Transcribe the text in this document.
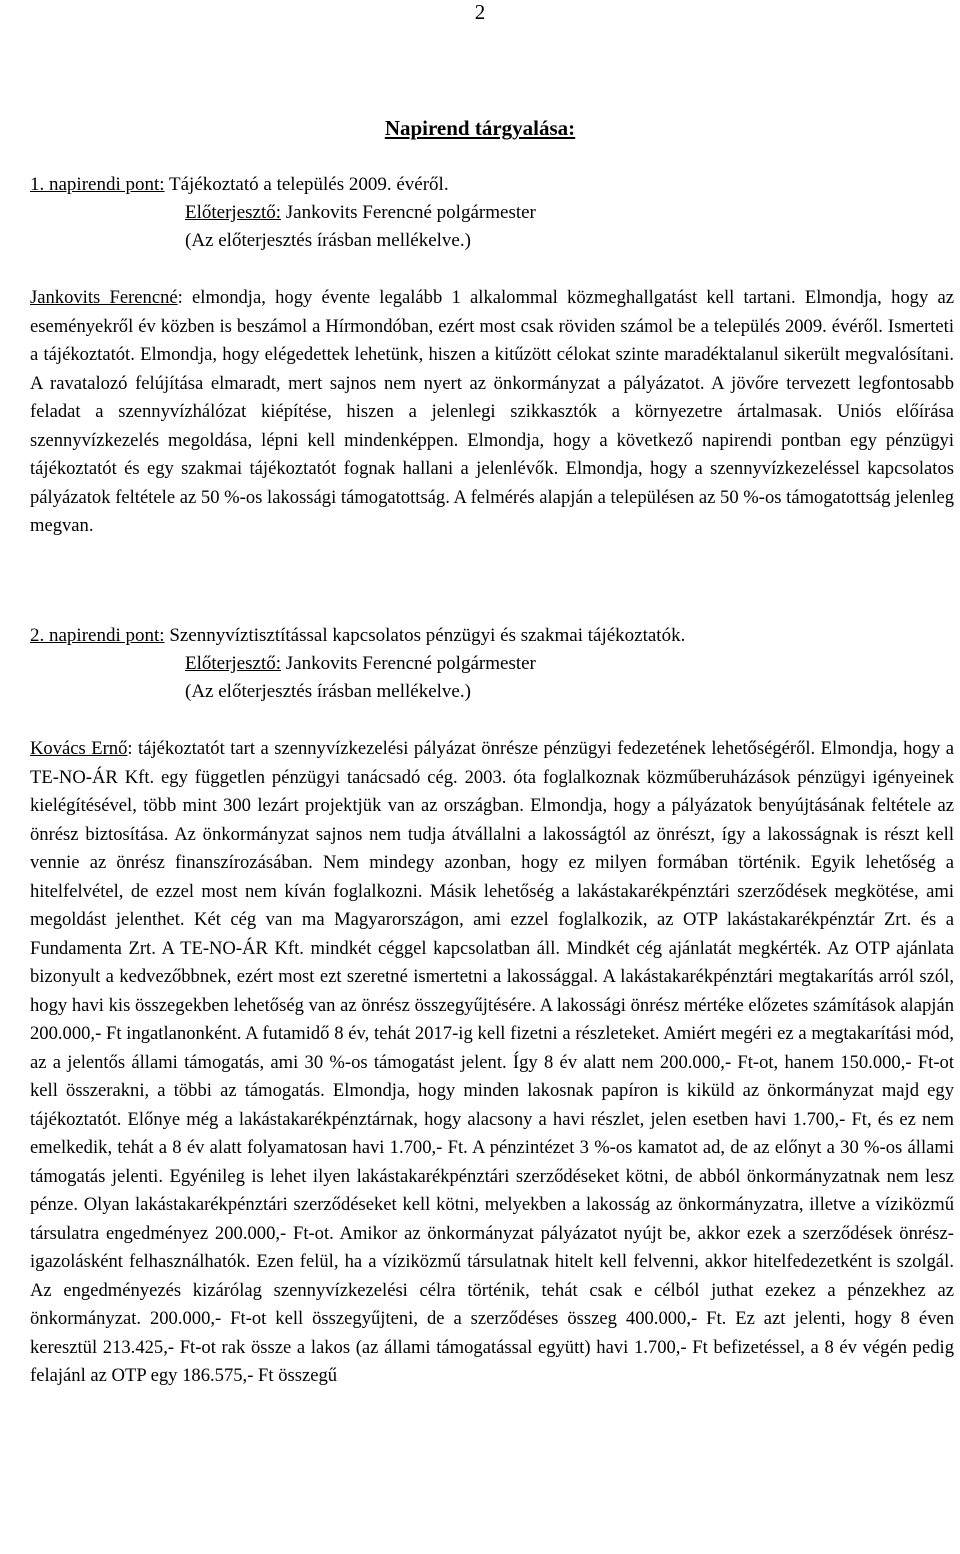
2
Napirend tárgyalása:
1. napirendi pont: Tájékoztató a település 2009. évéről.
Előterjesztő: Jankovits Ferencné polgármester
(Az előterjesztés írásban mellékelve.)
Jankovits Ferencné: elmondja, hogy évente legalább 1 alkalommal közmeghallgatást kell tartani. Elmondja, hogy az eseményekről év közben is beszámol a Hírmondóban, ezért most csak röviden számol be a település 2009. évéről. Ismerteti a tájékoztatót. Elmondja, hogy elégedettek lehetünk, hiszen a kitűzött célokat szinte maradéktalanul sikerült megvalósítani. A ravatalozó felújítása elmaradt, mert sajnos nem nyert az önkormányzat a pályázatot. A jövőre tervezett legfontosabb feladat a szennyvízhálózat kiépítése, hiszen a jelenlegi szikkasztók a környezetre ártalmasak. Uniós előírása szennyvízkezelés megoldása, lépni kell mindenképpen. Elmondja, hogy a következő napirendi pontban egy pénzügyi tájékoztatót és egy szakmai tájékoztatót fognak hallani a jelenlévők. Elmondja, hogy a szennyvízkezeléssel kapcsolatos pályázatok feltétele az 50 %-os lakossági támogatottság. A felmérés alapján a településen az 50 %-os támogatottság jelenleg megvan.
2. napirendi pont: Szennyvíztisztítással kapcsolatos pénzügyi és szakmai tájékoztatók.
Előterjesztő: Jankovits Ferencné polgármester
(Az előterjesztés írásban mellékelve.)
Kovács Ernő: tájékoztatót tart a szennyvízkezelési pályázat önrésze pénzügyi fedezetének lehetőségéről. Elmondja, hogy a TE-NO-ÁR Kft. egy független pénzügyi tanácsadó cég. 2003. óta foglalkoznak közműberuházások pénzügyi igényeinek kielégítésével, több mint 300 lezárt projektjük van az országban. Elmondja, hogy a pályázatok benyújtásának feltétele az önrész biztosítása. Az önkormányzat sajnos nem tudja átvállalni a lakosságtól az önrészt, így a lakosságnak is részt kell vennie az önrész finanszírozásában. Nem mindegy azonban, hogy ez milyen formában történik. Egyik lehetőség a hitelfelvétel, de ezzel most nem kíván foglalkozni. Másik lehetőség a lakástakarékpénztári szerződések megkötése, ami megoldást jelenthet. Két cég van ma Magyarországon, ami ezzel foglalkozik, az OTP lakástakarékpénztár Zrt. és a Fundamenta Zrt. A TE-NO-ÁR Kft. mindkét céggel kapcsolatban áll. Mindkét cég ajánlatát megkérték. Az OTP ajánlata bizonyult a kedvezőbbnek, ezért most ezt szeretné ismertetni a lakossággal. A lakástakarékpénztári megtakarítás arról szól, hogy havi kis összegekben lehetőség van az önrész összegyűjtésére. A lakossági önrész mértéke előzetes számítások alapján 200.000,- Ft ingatlanonként. A futamidő 8 év, tehát 2017-ig kell fizetni a részleteket. Amiért megéri ez a megtakarítási mód, az a jelentős állami támogatás, ami 30 %-os támogatást jelent. Így 8 év alatt nem 200.000,- Ft-ot, hanem 150.000,- Ft-ot kell összerakni, a többi az támogatás. Elmondja, hogy minden lakosnak papíron is kiküld az önkormányzat majd egy tájékoztatót. Előnye még a lakástakarékpénztárnak, hogy alacsony a havi részlet, jelen esetben havi 1.700,- Ft, és ez nem emelkedik, tehát a 8 év alatt folyamatosan havi 1.700,- Ft. A pénzintézet 3 %-os kamatot ad, de az előnyt a 30 %-os állami támogatás jelenti. Egyénileg is lehet ilyen lakástakarékpénztári szerződéseket kötni, de abból önkormányzatnak nem lesz pénze. Olyan lakástakarékpénztári szerződéseket kell kötni, melyekben a lakosság az önkormányzatra, illetve a víziközmű társulatra engedményez 200.000,- Ft-ot. Amikor az önkormányzat pályázatot nyújt be, akkor ezek a szerződések önrész-igazolásként felhasználhatók. Ezen felül, ha a víziközmű társulatnak hitelt kell felvenni, akkor hitelfedezetként is szolgál. Az engedményezés kizárólag szennyvízkezelési célra történik, tehát csak e célból juthat ezekez a pénzekhez az önkormányzat. 200.000,- Ft-ot kell összegyűjteni, de a szerződéses összeg 400.000,- Ft. Ez azt jelenti, hogy 8 éven keresztül 213.425,- Ft-ot rak össze a lakos (az állami támogatással együtt) havi 1.700,- Ft befizetéssel, a 8 év végén pedig felajánl az OTP egy 186.575,- Ft összegű
